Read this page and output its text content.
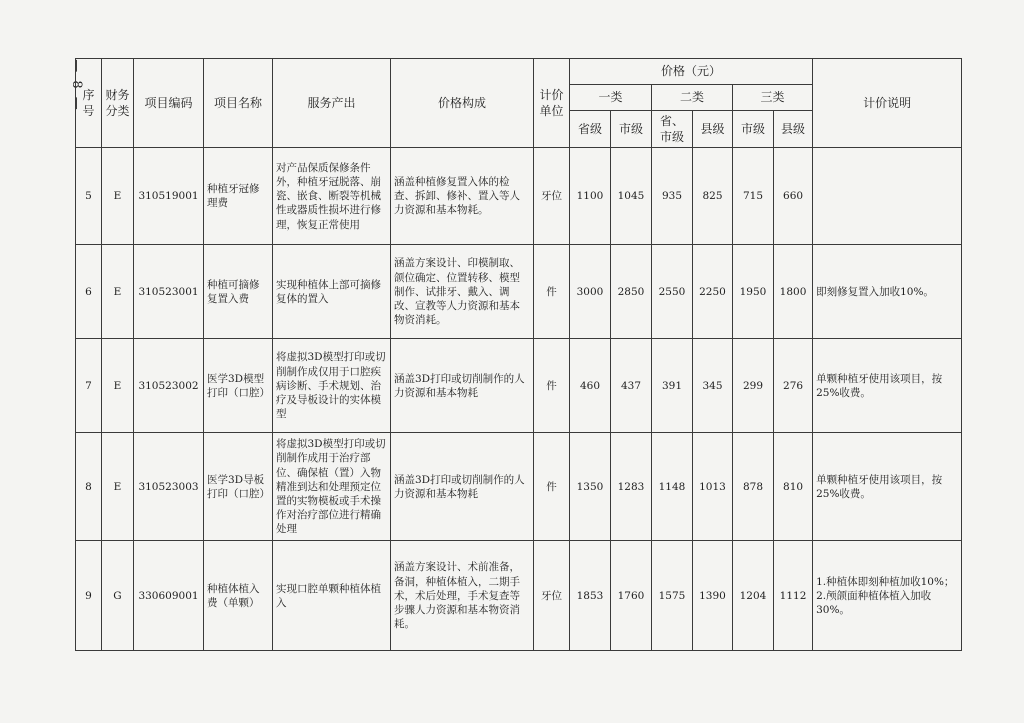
— 8 —
序号	财务分类	项目编码	项目名称	服务产出	价格构成	计价单位	价格（元）						计价说明
							一类		二类		三类		
							省级	市级	省、市级	县级	市级	县级	
5	E	310519001	种植牙冠修理费	对产品保质保修条件外，种植牙冠脱落、崩瓷、嵌食、断裂等机械性或器质性损坏进行修理，恢复正常使用	涵盖种植修复置入体的检查、拆卸、修补、置入等人力资源和基本物耗。	牙位	1100	1045	935	825	715	660	
6	E	310523001	种植可摘修复置入费	实现种植体上部可摘修复体的置入	涵盖方案设计、印模制取、颌位确定、位置转移、模型制作、试排牙、戴入、调改、宣教等人力资源和基本物资消耗。	件	3000	2850	2550	2250	1950	1800	即刻修复置入加收10%。
7	E	310523002	医学3D模型打印（口腔）	将虚拟3D模型打印或切削制作成仅用于口腔疾病诊断、手术规划、治疗及导板设计的实体模型	涵盖3D打印或切削制作的人力资源和基本物耗	件	460	437	391	345	299	276	单颗种植牙使用该项目，按25%收费。
8	E	310523003	医学3D导板打印（口腔）	将虚拟3D模型打印或切削制作成用于治疗部位、确保植（置）入物精准到达和处理预定位置的实物模板或手术操作对治疗部位进行精确处理	涵盖3D打印或切削制作的人力资源和基本物耗	件	1350	1283	1148	1013	878	810	单颗种植牙使用该项目，按25%收费。
9	G	330609001	种植体植入费（单颗）	实现口腔单颗种植体植入	涵盖方案设计、术前准备，备洞，种植体植入，二期手术，术后处理，手术复查等步骤人力资源和基本物资消耗。	牙位	1853	1760	1575	1390	1204	1112	1.种植体即刻种植加收10%；
2.颅颌面种植体植入加收30%。
